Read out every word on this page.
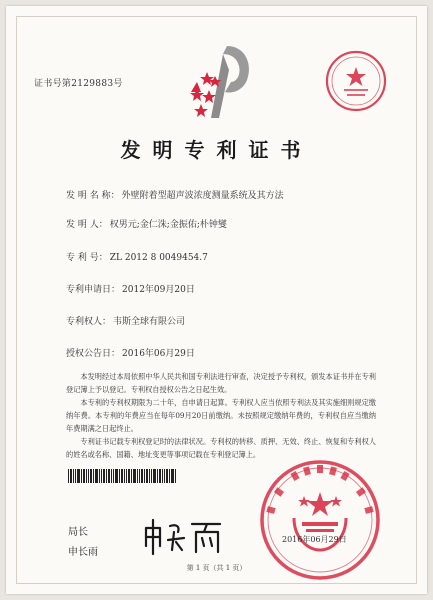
证书号第2129883号
发明专利证书
发 明 名 称： 外壁附着型超声波浓度测量系统及其方法
发 明 人： 权男元;金仁洙;金振佑;朴钟燮
专 利 号： ZL 2012 8 0049454.7
专利申请日： 2012年09月20日
专利权人： 韦斯全球有限公司
授权公告日： 2016年06月29日

本发明经过本局依照中华人民共和国专利法进行审查，决定授予专利权，颁发本证书并在专利登记簿上予以登记。专利权自授权公告之日起生效。

本专利的专利权期限为二十年，自申请日起算。专利权人应当依照专利法及其实施细则规定缴纳年费。本专利的年费应当在每年09月20日前缴纳。未按照规定缴纳年费的，专利权自应当缴纳年费期满之日起终止。

专利证书记载专利权登记时的法律状况。专利权的转移、质押、无效、终止、恢复和专利权人的姓名或名称、国籍、地址变更等事项记载在专利登记簿上。

局长
申长雨
2016年06月29日
第 1 页（共 1 页）
